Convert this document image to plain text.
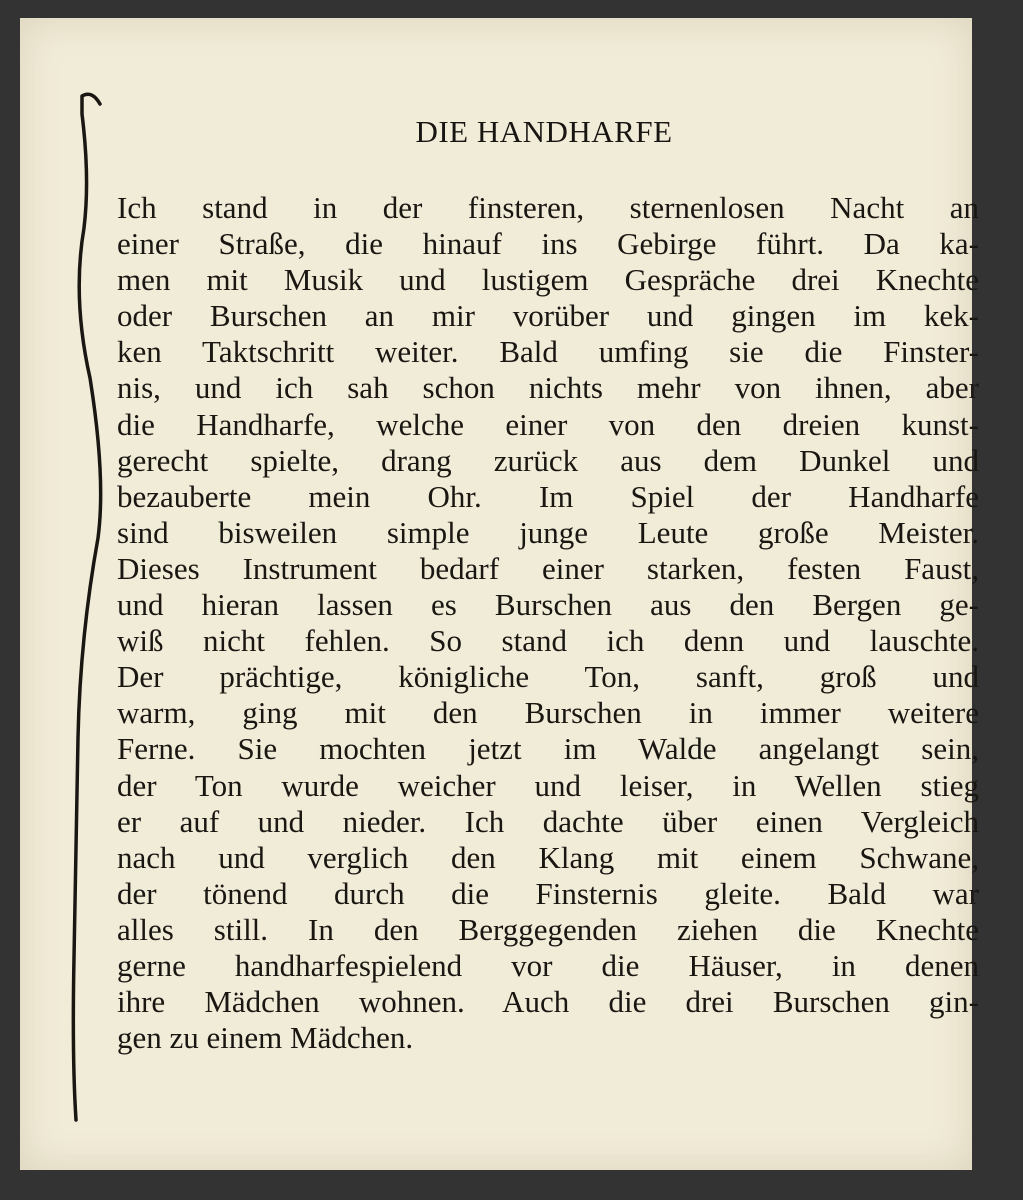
DIE HANDHARFE
Ich stand in der finsteren, sternenlosen Nacht an
einer Straße, die hinauf ins Gebirge führt. Da ka-
men mit Musik und lustigem Gespräche drei Knechte
oder Burschen an mir vorüber und gingen im kek-
ken Taktschritt weiter. Bald umfing sie die Finster-
nis, und ich sah schon nichts mehr von ihnen, aber
die Handharfe, welche einer von den dreien kunst-
gerecht spielte, drang zurück aus dem Dunkel und
bezauberte mein Ohr. Im Spiel der Handharfe
sind bisweilen simple junge Leute große Meister.
Dieses Instrument bedarf einer starken, festen Faust,
und hieran lassen es Burschen aus den Bergen ge-
wiß nicht fehlen. So stand ich denn und lauschte.
Der prächtige, königliche Ton, sanft, groß und
warm, ging mit den Burschen in immer weitere
Ferne. Sie mochten jetzt im Walde angelangt sein,
der Ton wurde weicher und leiser, in Wellen stieg
er auf und nieder. Ich dachte über einen Vergleich
nach und verglich den Klang mit einem Schwane,
der tönend durch die Finsternis gleite. Bald war
alles still. In den Berggegenden ziehen die Knechte
gerne handharfespielend vor die Häuser, in denen
ihre Mädchen wohnen. Auch die drei Burschen gin-
gen zu einem Mädchen.
